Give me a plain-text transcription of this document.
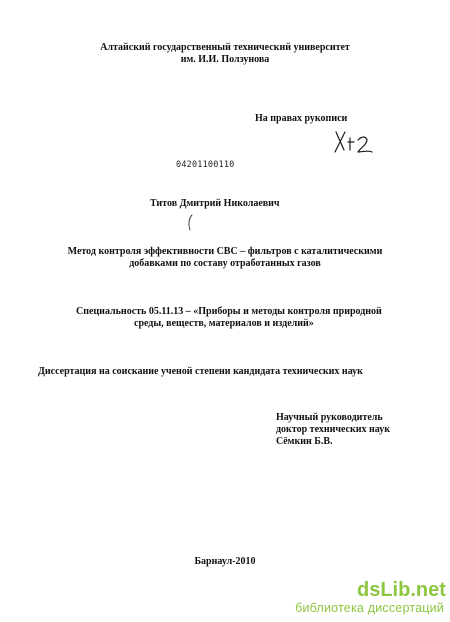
Алтайский государственный технический университет
им. И.И. Ползунова
На правах рукописи
04201100110
Титов Дмитрий Николаевич
Метод контроля эффективности СВС – фильтров с каталитическими
добавками по составу отработанных газов
Специальность 05.11.13 – «Приборы и методы контроля природной
среды, веществ, материалов и изделий»
Диссертация на соискание ученой степени кандидата технических наук
Научный руководитель
доктор технических наук
Сёмкин Б.В.
Барнаул-2010
dsLib.net
библиотека диссертаций
